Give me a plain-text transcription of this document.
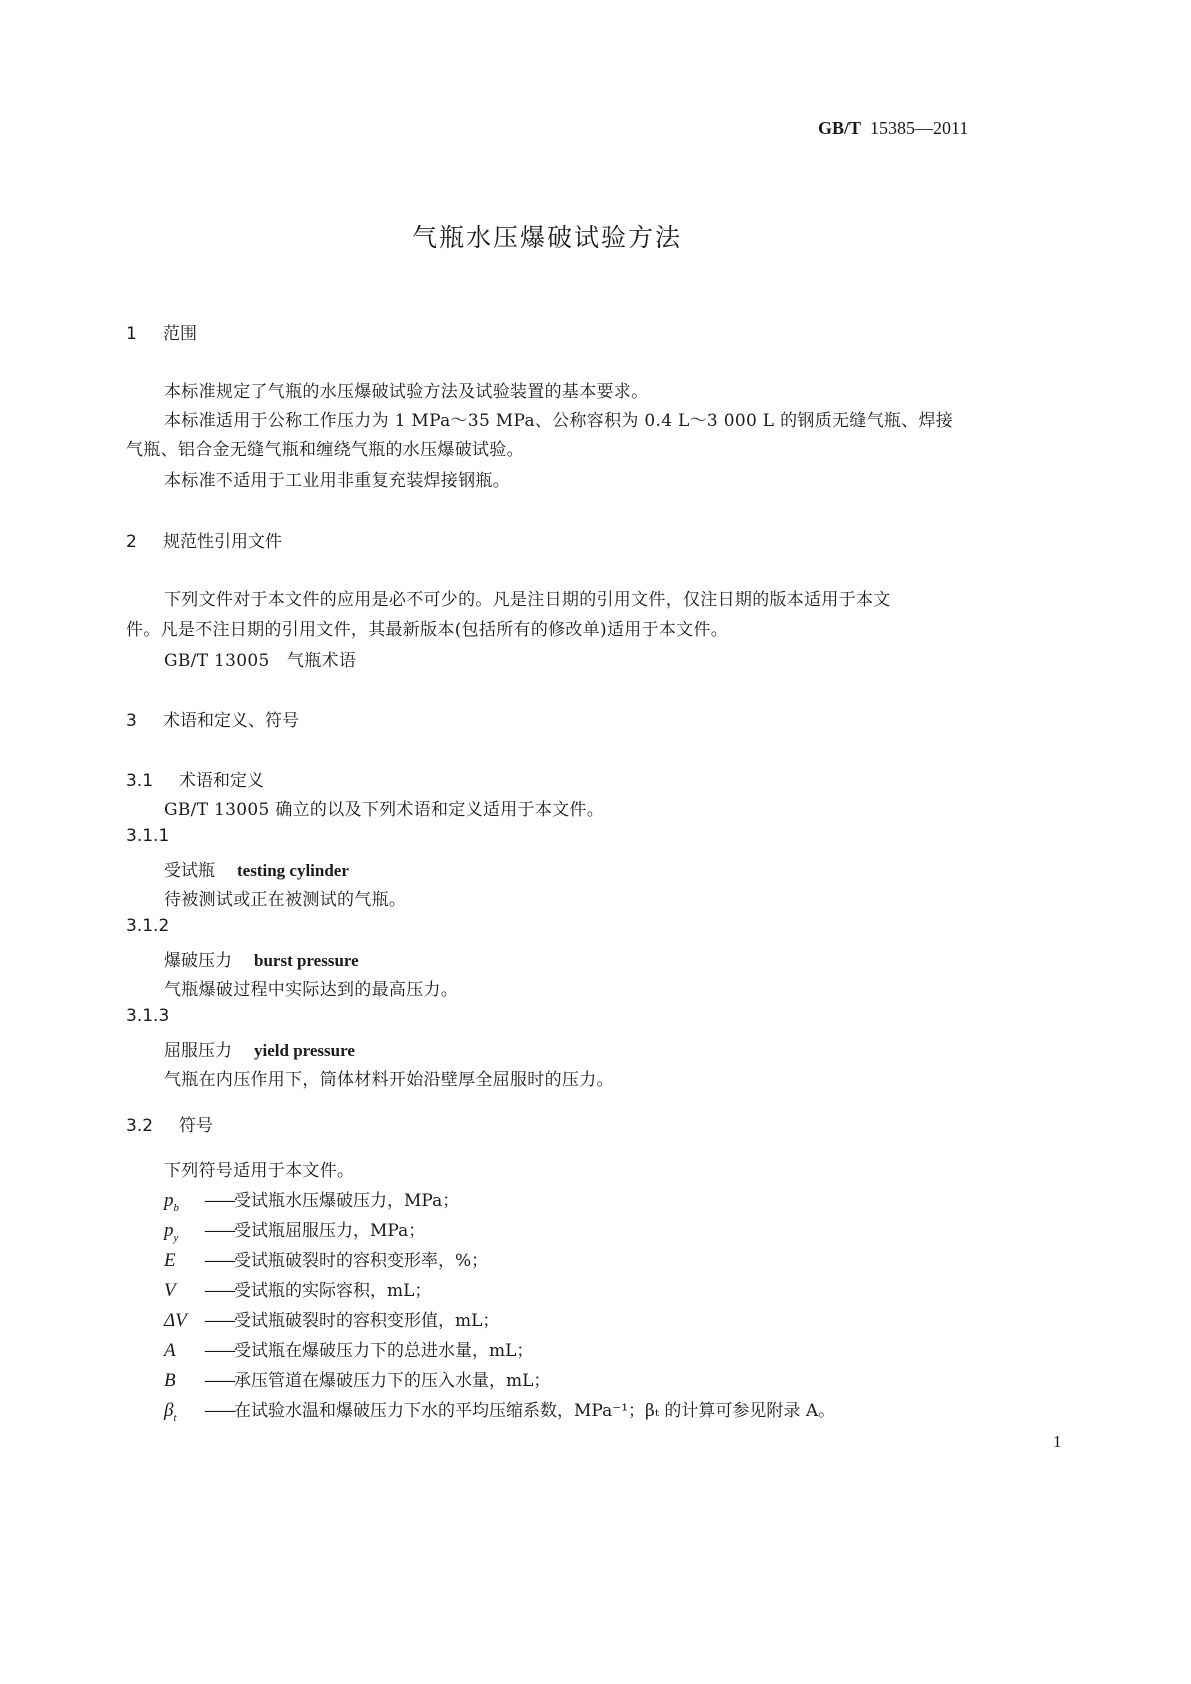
GB/T 15385—2011
气瓶水压爆破试验方法
1 范围
本标准规定了气瓶的水压爆破试验方法及试验装置的基本要求。
本标准适用于公称工作压力为 1 MPa～35 MPa、公称容积为 0.4 L～3 000 L 的钢质无缝气瓶、焊接
气瓶、铝合金无缝气瓶和缠绕气瓶的水压爆破试验。
本标准不适用于工业用非重复充装焊接钢瓶。
2 规范性引用文件
下列文件对于本文件的应用是必不可少的。凡是注日期的引用文件，仅注日期的版本适用于本文
件。凡是不注日期的引用文件，其最新版本(包括所有的修改单)适用于本文件。
GB/T 13005　气瓶术语
3 术语和定义、符号
3.1 术语和定义
GB/T 13005 确立的以及下列术语和定义适用于本文件。
3.1.1
受试瓶 testing cylinder
待被测试或正在被测试的气瓶。
3.1.2
爆破压力 burst pressure
气瓶爆破过程中实际达到的最高压力。
3.1.3
屈服压力 yield pressure
气瓶在内压作用下，筒体材料开始沿壁厚全屈服时的压力。
3.2 符号
下列符号适用于本文件。
$p_b$ ——受试瓶水压爆破压力，MPa；
$p_y$ ——受试瓶屈服压力，MPa；
E ——受试瓶破裂时的容积变形率，%；
V ——受试瓶的实际容积，mL；
ΔV ——受试瓶破裂时的容积变形值，mL；
A ——受试瓶在爆破压力下的总进水量，mL；
B ——承压管道在爆破压力下的压入水量，mL；
$\beta_t$ ——在试验水温和爆破压力下水的平均压缩系数，MPa⁻¹；βₜ 的计算可参见附录 A。
1
